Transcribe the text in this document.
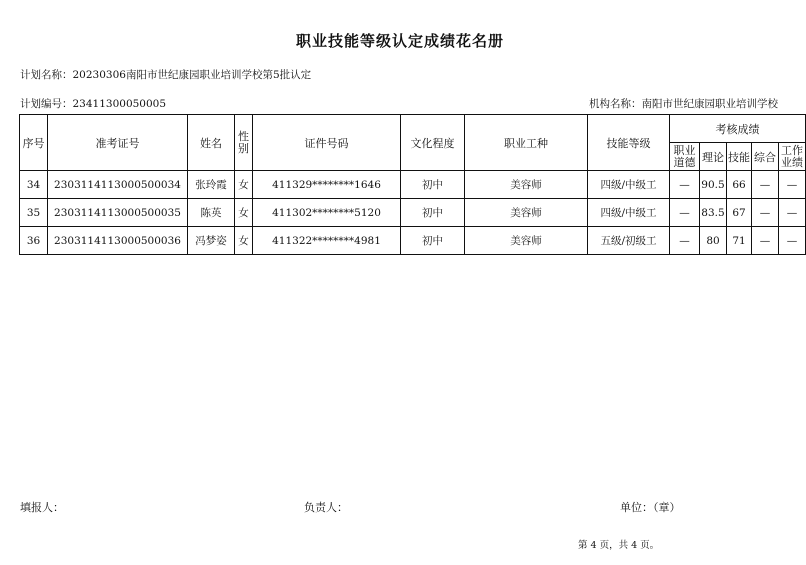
职业技能等级认定成绩花名册
计划名称：20230306南阳市世纪康园职业培训学校第5批认定
计划编号：23411300050005	机构名称：南阳市世纪康园职业培训学校
序号	准考证号	姓名	性别	证件号码	文化程度	职业工种	技能等级	考核成绩				
								职业道德	理论	技能	综合	工作业绩
34	2303114113000500034	张玲霞	女	411329********1646	初中	美容师	四级/中级工	—	90.5	66	—	—
35	2303114113000500035	陈英	女	411302********5120	初中	美容师	四级/中级工	—	83.5	67	—	—
36	2303114113000500036	冯梦姿	女	411322********4981	初中	美容师	五级/初级工	—	80	71	—	—
填报人：	负责人：	单位：（章）
第 4 页，共 4 页。
